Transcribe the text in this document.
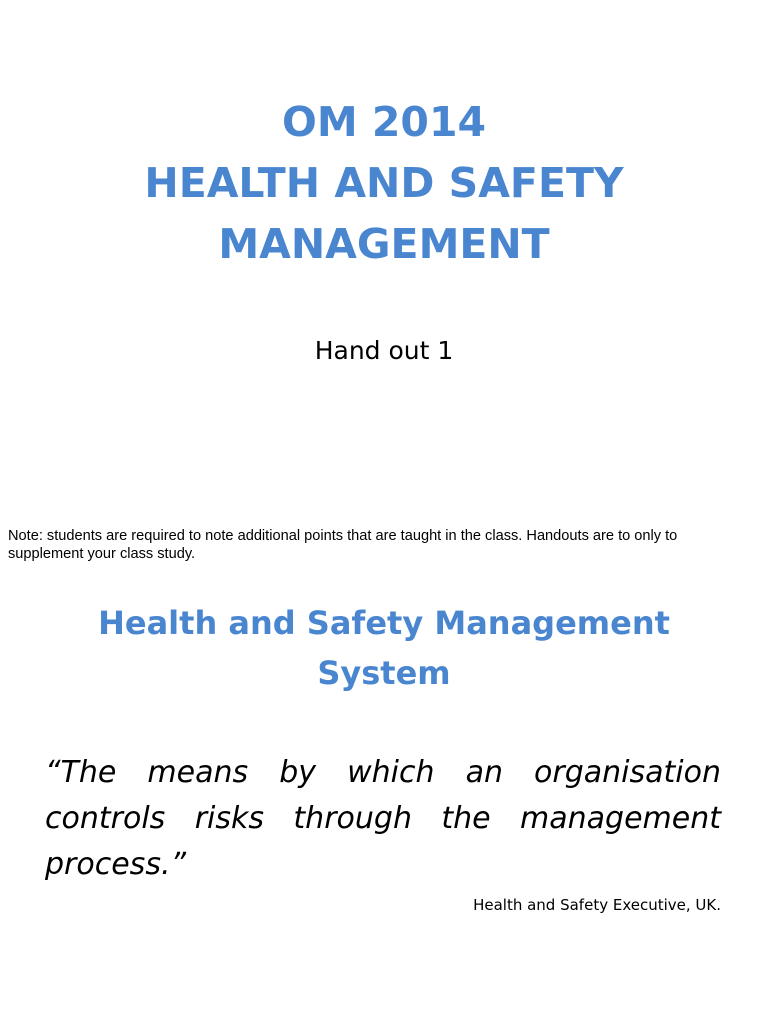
OM 2014
HEALTH AND SAFETY
MANAGEMENT
Hand out 1
Note: students are required to note additional points that are taught in the class. Handouts are to only to supplement your class study.
Health and Safety Management
System
“The means by which an organisation controls risks through the management process.”
Health and Safety Executive, UK.
